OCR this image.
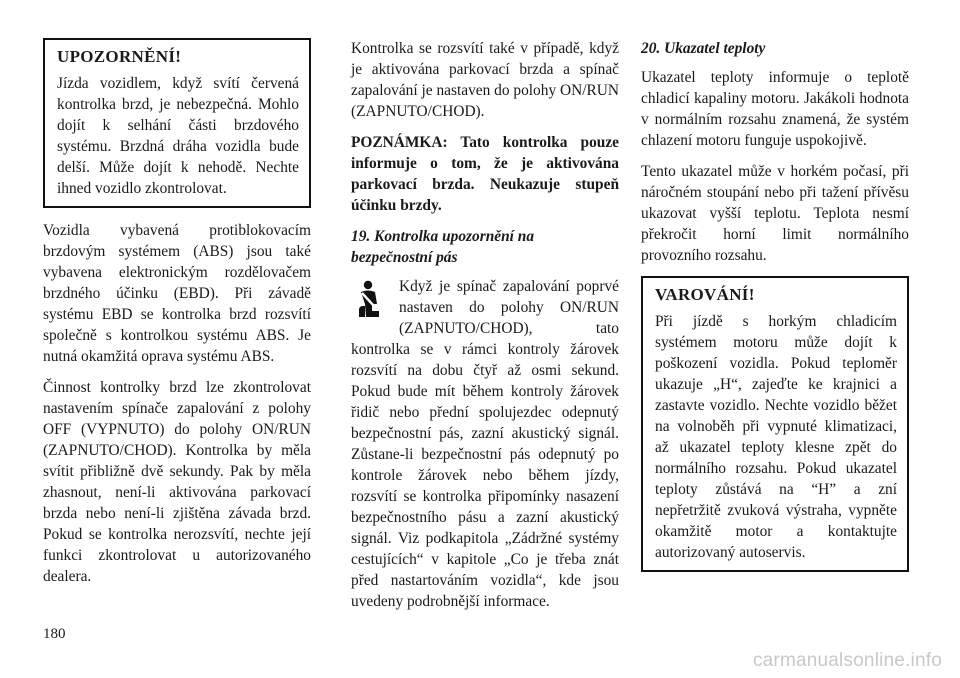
UPOZORNĚNÍ!

Jízda vozidlem, když svítí červená kontrolka brzd, je nebezpečná. Mohlo dojít k selhání části brzdového systému. Brzdná dráha vozidla bude delší. Může dojít k nehodě. Nechte ihned vozidlo zkontrolovat.

Vozidla vybavená protiblokovacím brzdovým systémem (ABS) jsou také vybavena elektronickým rozdělovačem brzdného účinku (EBD). Při závadě systému EBD se kontrolka brzd rozsvítí společně s kontrolkou systému ABS. Je nutná okamžitá oprava systému ABS.

Činnost kontrolky brzd lze zkontrolovat nastavením spínače zapalování z polohy OFF (VYPNUTO) do polohy ON/RUN (ZAPNUTO/CHOD). Kontrolka by měla svítit přibližně dvě sekundy. Pak by měla zhasnout, není-li aktivována parkovací brzda nebo není-li zjištěna závada brzd. Pokud se kontrolka nerozsvítí, nechte její funkci zkontrolovat u autorizovaného dealera.

Kontrolka se rozsvítí také v případě, když je aktivována parkovací brzda a spínač zapalování je nastaven do polohy ON/RUN (ZAPNUTO/CHOD).

POZNÁMKA: Tato kontrolka pouze informuje o tom, že je aktivována parkovací brzda. Neukazuje stupeň účinku brzdy.

19. Kontrolka upozornění na bezpečnostní pás

Když je spínač zapalování poprvé nastaven do polohy ON/RUN (ZAPNUTO/CHOD), tato kontrolka se v rámci kontroly žárovek rozsvítí na dobu čtyř až osmi sekund. Pokud bude mít během kontroly žárovek řidič nebo přední spolujezdec odepnutý bezpečnostní pás, zazní akustický signál. Zůstane-li bezpečnostní pás odepnutý po kontrole žárovek nebo během jízdy, rozsvítí se kontrolka připomínky nasazení bezpečnostního pásu a zazní akustický signál. Viz podkapitola „Zádržné systémy cestujících“ v kapitole „Co je třeba znát před nastartováním vozidla“, kde jsou uvedeny podrobnější informace.

20. Ukazatel teploty

Ukazatel teploty informuje o teplotě chladicí kapaliny motoru. Jakákoli hodnota v normálním rozsahu znamená, že systém chlazení motoru funguje uspokojivě.

Tento ukazatel může v horkém počasí, při náročném stoupání nebo při tažení přívěsu ukazovat vyšší teplotu. Teplota nesmí překročit horní limit normálního provozního rozsahu.

VAROVÁNÍ!

Při jízdě s horkým chladicím systémem motoru může dojít k poškození vozidla. Pokud teploměr ukazuje „H“, zajeďte ke krajnici a zastavte vozidlo. Nechte vozidlo běžet na volnoběh při vypnuté klimatizaci, až ukazatel teploty klesne zpět do normálního rozsahu. Pokud ukazatel teploty zůstává na “H” a zní nepřetržitě zvuková výstraha, vypněte okamžitě motor a kontaktujte autorizovaný autoservis.

180
carmanualsonline.info
